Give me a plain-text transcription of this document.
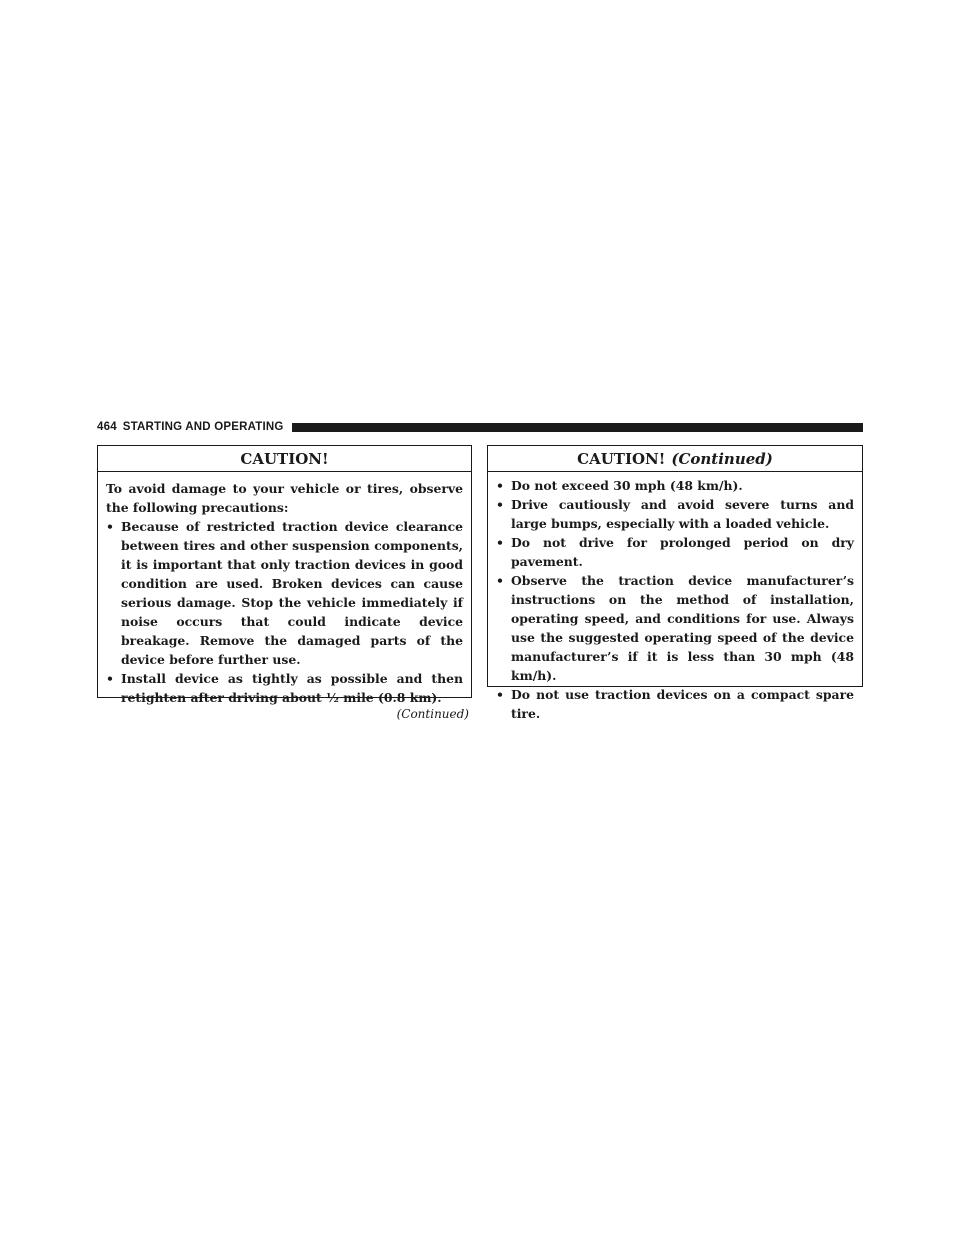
464 STARTING AND OPERATING
CAUTION!

To avoid damage to your vehicle or tires, observe the following precautions:

• Because of restricted traction device clearance between tires and other suspension components, it is important that only traction devices in good condition are used. Broken devices can cause serious damage. Stop the vehicle immediately if noise occurs that could indicate device breakage. Remove the damaged parts of the device before further use.
• Install device as tightly as possible and then retighten after driving about ½ mile (0.8 km).
(Continued)
CAUTION! (Continued)
• Do not exceed 30 mph (48 km/h).
• Drive cautiously and avoid severe turns and large bumps, especially with a loaded vehicle.
• Do not drive for prolonged period on dry pavement.
• Observe the traction device manufacturer’s instructions on the method of installation, operating speed, and conditions for use. Always use the suggested operating speed of the device manufacturer’s if it is less than 30 mph (48 km/h).
• Do not use traction devices on a compact spare tire.
